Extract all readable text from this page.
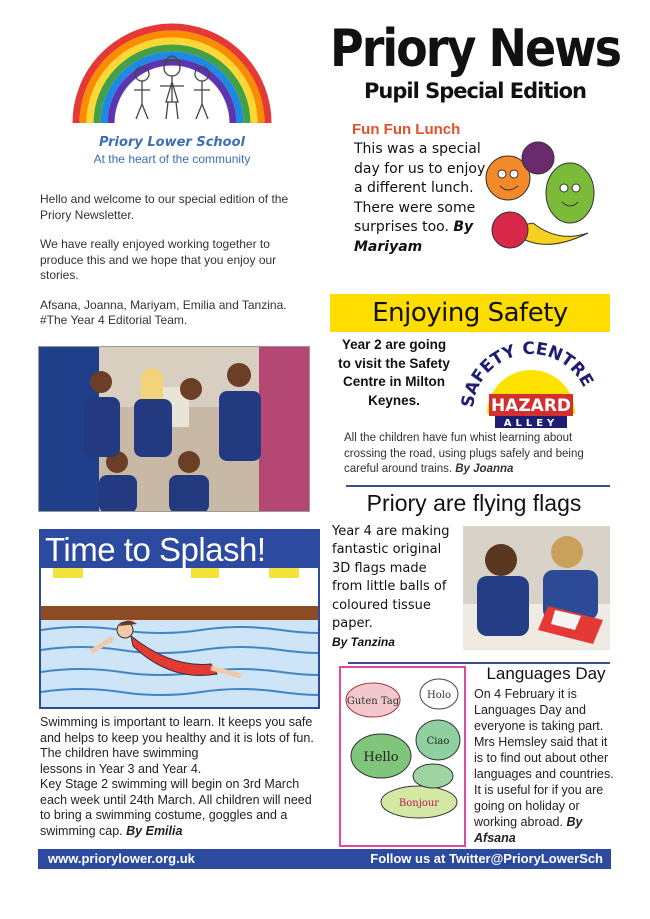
Priory Lower School
At the heart of the community
Priory News
Pupil Special Edition

Hello and welcome to our special edition of the Priory Newsletter.

We have really enjoyed working together to produce this and we hope that you enjoy our stories.

Afsana, Joanna, Mariyam, Emilia and Tanzina.

#The Year 4 Editorial Team.

Fun Fun Lunch
This was a special day for us to enjoy a different lunch. There were some surprises too. By Mariyam
Enjoying Safety
Year 2 are going to visit the Safety Centre in Milton Keynes.	SAFETY CENTRE
HAZARD
ALLEY
All the children have fun whist learning about crossing the road, using plugs safely and being careful around trains. By Joanna
Priory are flying flags
Year 4 are making fantastic original 3D flags made from little balls of coloured tissue paper.
By Tanzina
Guten Tag
Holo
Hello
Ciao
Bonjour
Languages Day
On 4 February it is Languages Day and everyone is taking part. Mrs Hemsley said that it is to find out about other languages and countries. It is useful for if you are going on holiday or working abroad. By Afsana
Time to Splash!
Swimming is important to learn. It keeps you safe and helps to keep you healthy and it is lots of fun. The children have swimming
lessons in Year 3 and Year 4.
Key Stage 2 swimming will begin on 3rd March each week until 24th March. All children will need to bring a swimming costume, goggles and a swimming cap. By Emilia
www.priorylower.org.uk	Follow us at Twitter@PrioryLowerSch
